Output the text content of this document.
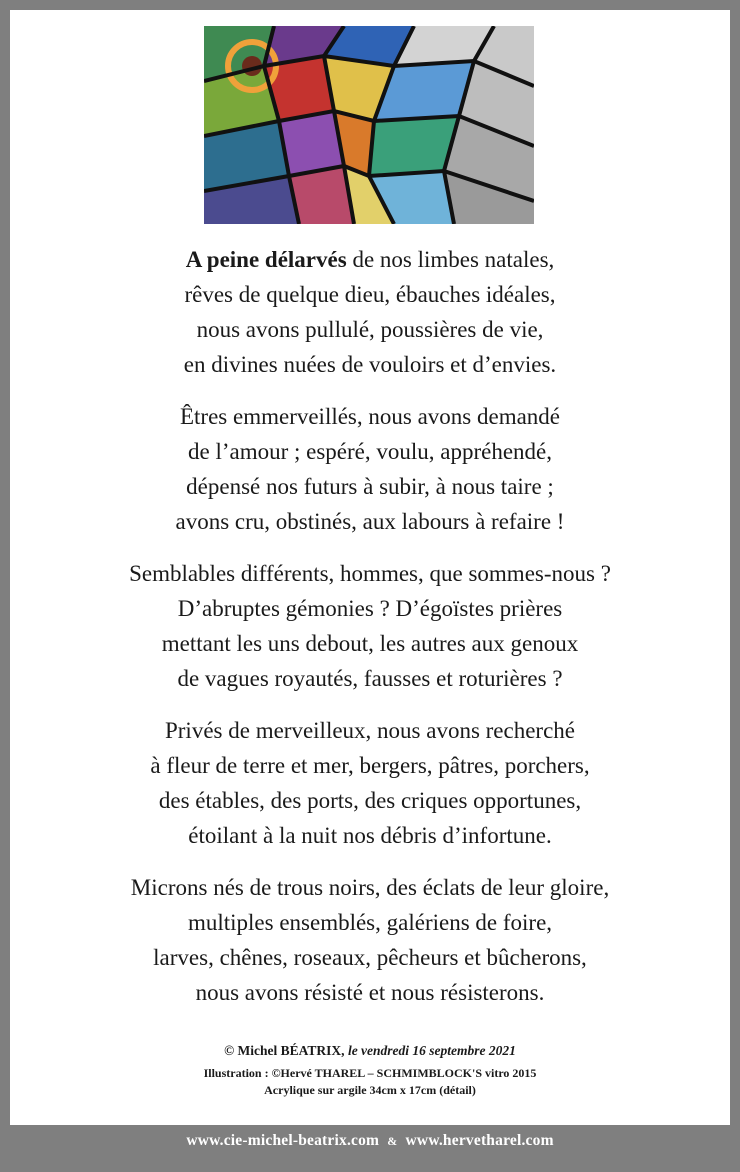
A peine délarvés de nos limbes natales,
rêves de quelque dieu, ébauches idéales,
nous avons pullulé, poussières de vie,
en divines nuées de vouloirs et d’envies.
Êtres emmerveillés, nous avons demandé
de l’amour ; espéré, voulu, appréhendé,
dépensé nos futurs à subir, à nous taire ;
avons cru, obstinés, aux labours à refaire !
Semblables différents, hommes, que sommes-nous ?
D’abruptes gémonies ? D’égoïstes prières
mettant les uns debout, les autres aux genoux
de vagues royautés, fausses et roturières ?
Privés de merveilleux, nous avons recherché
à fleur de terre et mer, bergers, pâtres, porchers,
des étables, des ports, des criques opportunes,
étoilant à la nuit nos débris d’infortune.
Microns nés de trous noirs, des éclats de leur gloire,
multiples ensemblés, galériens de foire,
larves, chênes, roseaux, pêcheurs et bûcherons,
nous avons résisté et nous résisterons.
© Michel BÉATRIX, le vendredi 16 septembre 2021
Illustration : ©Hervé THAREL – SCHMIMBLOCK'S vitro 2015
Acrylique sur argile 34cm x 17cm (détail)
www.cie-michel-beatrix.com & www.hervetharel.com
